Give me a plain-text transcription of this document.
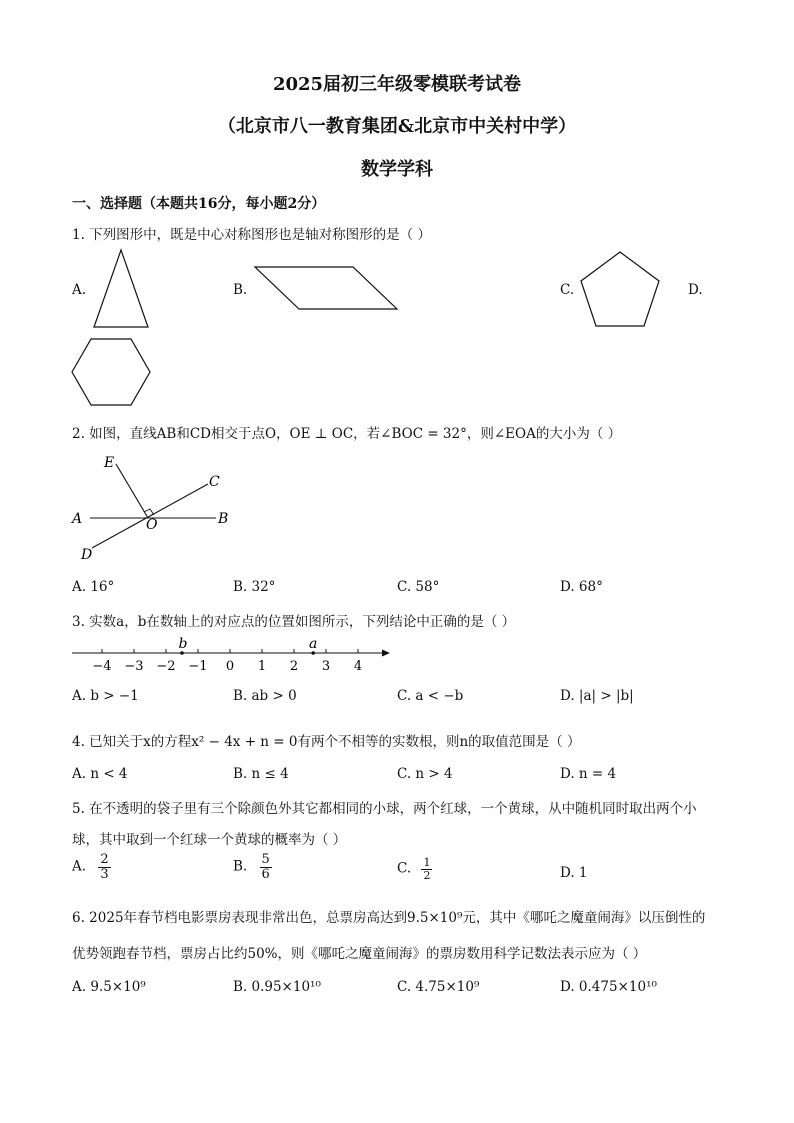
2025届初三年级零模联考试卷
（北京市八一教育集团&北京市中关村中学）
数学学科
一、选择题（本题共16分，每小题2分）
1. 下列图形中，既是中心对称图形也是轴对称图形的是（ ）
A.	B.	C.	D.
2. 如图，直线AB和CD相交于点O，OE ⊥ OC，若∠BOC = 32°，则∠EOA的大小为（ ）
E
C
A	O	B
D
A. 16°	B. 32°	C. 58°	D. 68°
3. 实数a，b在数轴上的对应点的位置如图所示，下列结论中正确的是（ ）
−4 −3 −2 −1 0 1 2 3 4
b	a
A. b > −1	B. ab > 0	C. a < −b	D. |a| > |b|
4. 已知关于x的方程x² − 4x + n = 0有两个不相等的实数根，则n的取值范围是（ ）
A. n < 4	B. n ≤ 4	C. n > 4	D. n = 4
5. 在不透明的袋子里有三个除颜色外其它都相同的小球，两个红球，一个黄球，从中随机同时取出两个小
球，其中取到一个红球一个黄球的概率为（ ）
A. $\frac{2}{3}$	B. $\frac{5}{6}$	C. $\frac{1}{2}$	D. 1
6. 2025年春节档电影票房表现非常出色，总票房高达到9.5×10⁹元，其中《哪吒之魔童闹海》以压倒性的
优势领跑春节档，票房占比约50%，则《哪吒之魔童闹海》的票房数用科学记数法表示应为（ ）
A. 9.5×10⁹	B. 0.95×10¹⁰	C. 4.75×10⁹	D. 0.475×10¹⁰
